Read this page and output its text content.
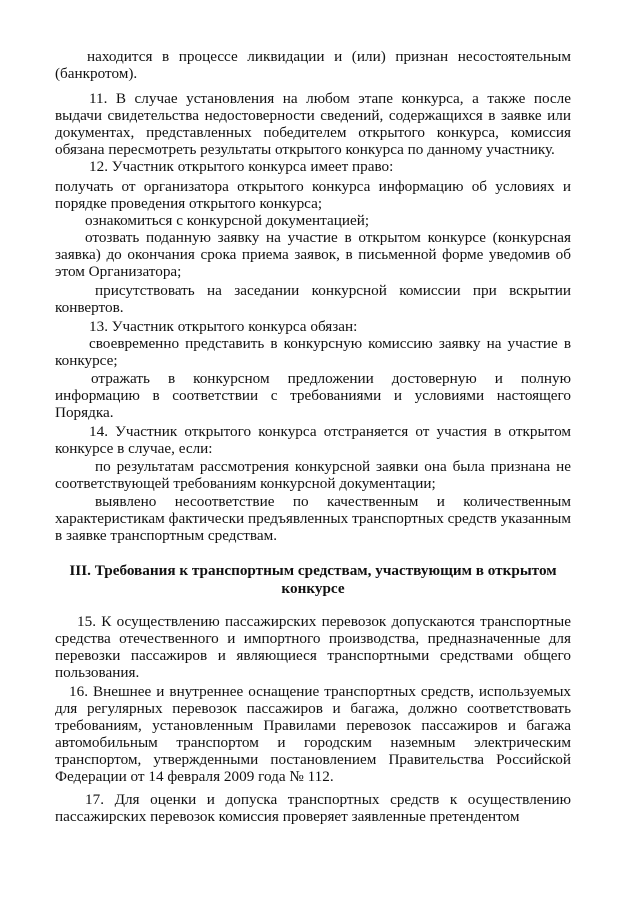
находится в процессе ликвидации и (или) признан несостоятельным (банкротом).

11. В случае установления на любом этапе конкурса, а также после выдачи свидетельства недостоверности сведений, содержащихся в заявке или документах, представленных победителем открытого конкурса, комиссия обязана пересмотреть результаты открытого конкурса по данному участнику.

12. Участник открытого конкурса имеет право:

получать от организатора открытого конкурса информацию об условиях и порядке проведения открытого конкурса;

ознакомиться с конкурсной документацией;

отозвать поданную заявку на участие в открытом конкурсе (конкурсная заявка) до окончания срока приема заявок, в письменной форме уведомив об этом Организатора;

присутствовать на заседании конкурсной комиссии при вскрытии конвертов.

13. Участник открытого конкурса обязан:

своевременно представить в конкурсную комиссию заявку на участие в конкурсе;

отражать в конкурсном предложении достоверную и полную информацию в соответствии с требованиями и условиями настоящего Порядка.

14. Участник открытого конкурса отстраняется от участия в открытом конкурсе в случае, если:

по результатам рассмотрения конкурсной заявки она была признана не соответствующей требованиям конкурсной документации;

выявлено несоответствие по качественным и количественным характеристикам фактически предъявленных транспортных средств указанным в заявке транспортным средствам.

III. Требования к транспортным средствам, участвующим в открытом конкурсе

15. К осуществлению пассажирских перевозок допускаются транспортные средства отечественного и импортного производства, предназначенные для перевозки пассажиров и являющиеся транспортными средствами общего пользования.

16. Внешнее и внутреннее оснащение транспортных средств, используемых для регулярных перевозок пассажиров и багажа, должно соответствовать требованиям, установленным Правилами перевозок пассажиров и багажа автомобильным транспортом и городским наземным электрическим транспортом, утвержденными постановлением Правительства Российской Федерации от 14 февраля 2009 года № 112.

17. Для оценки и допуска транспортных средств к осуществлению пассажирских перевозок комиссия проверяет заявленные претендентом
